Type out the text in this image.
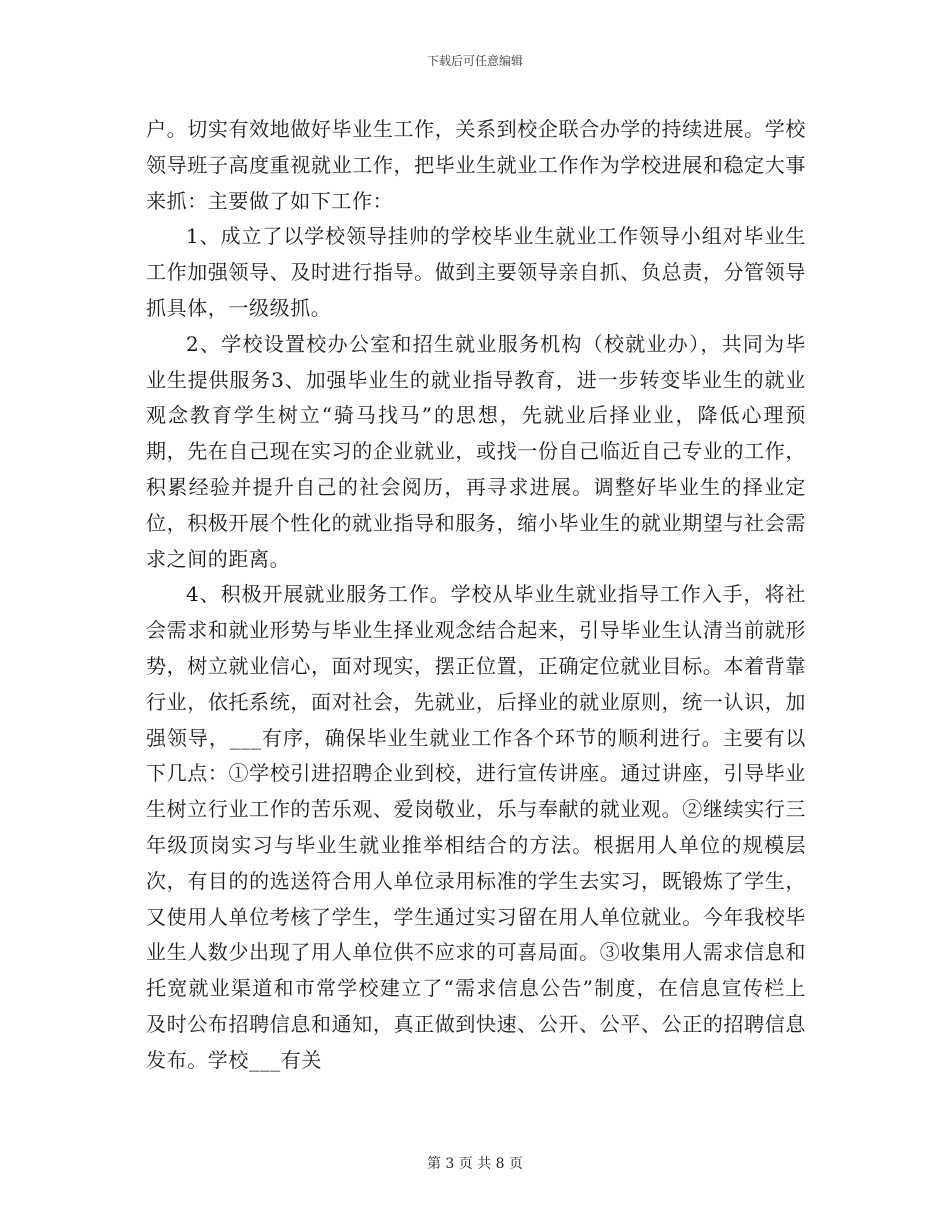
下载后可任意编辑

户。切实有效地做好毕业生工作，关系到校企联合办学的持续进展。学校领导班子高度重视就业工作，把毕业生就业工作作为学校进展和稳定大事来抓：主要做了如下工作：

1、成立了以学校领导挂帅的学校毕业生就业工作领导小组对毕业生工作加强领导、及时进行指导。做到主要领导亲自抓、负总责，分管领导抓具体，一级级抓。

2、学校设置校办公室和招生就业服务机构（校就业办），共同为毕业生提供服务3、加强毕业生的就业指导教育，进一步转变毕业生的就业观念教育学生树立“骑马找马”的思想，先就业后择业业，降低心理预期，先在自己现在实习的企业就业，或找一份自己临近自己专业的工作，积累经验并提升自己的社会阅历，再寻求进展。调整好毕业生的择业定位，积极开展个性化的就业指导和服务，缩小毕业生的就业期望与社会需求之间的距离。

4、积极开展就业服务工作。学校从毕业生就业指导工作入手，将社会需求和就业形势与毕业生择业观念结合起来，引导毕业生认清当前就形势，树立就业信心，面对现实，摆正位置，正确定位就业目标。本着背靠行业，依托系统，面对社会，先就业，后择业的就业原则，统一认识，加强领导，___有序，确保毕业生就业工作各个环节的顺利进行。主要有以下几点：①学校引进招聘企业到校，进行宣传讲座。通过讲座，引导毕业生树立行业工作的苦乐观、爱岗敬业，乐与奉献的就业观。②继续实行三年级顶岗实习与毕业生就业推举相结合的方法。根据用人单位的规模层次，有目的的选送符合用人单位录用标准的学生去实习，既锻炼了学生，又使用人单位考核了学生，学生通过实习留在用人单位就业。今年我校毕业生人数少出现了用人单位供不应求的可喜局面。③收集用人需求信息和托宽就业渠道和市常学校建立了“需求信息公告”制度，在信息宣传栏上及时公布招聘信息和通知，真正做到快速、公开、公平、公正的招聘信息发布。学校___有关

第 3 页 共 8 页
